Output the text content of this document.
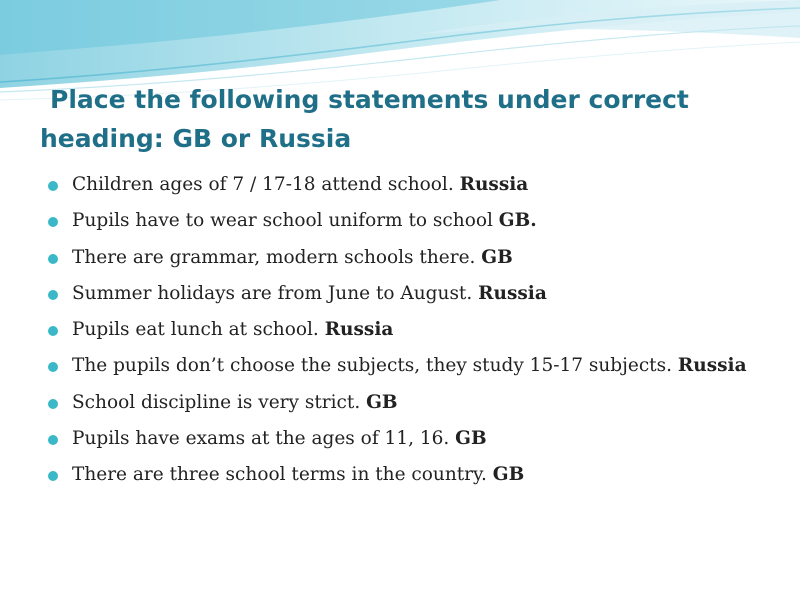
Place the following statements under correct
heading: GB or Russia
Children ages of 7 / 17-18 attend school. Russia
Pupils have to wear school uniform to school GB.
There are grammar, modern schools there. GB
Summer holidays are from June to August. Russia
Pupils eat lunch at school. Russia
The pupils don’t choose the subjects, they study 15-17 subjects. Russia
School discipline is very strict. GB
Pupils have exams at the ages of 11, 16. GB
There are three school terms in the country. GB
